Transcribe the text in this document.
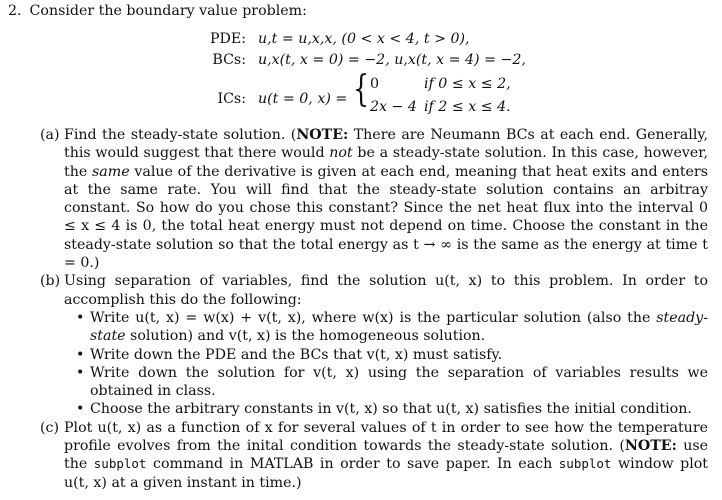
2. Consider the boundary value problem:
PDE: u,t = u,x,x, (0 < x < 4, t > 0),
BCs: u,x(t, x = 0) = −2, u,x(t, x = 4) = −2,
ICs: u(t = 0, x) = { 0	if 0 ≤ x ≤ 2,
2x − 4 if 2 ≤ x ≤ 4.
(a) Find the steady-state solution. (NOTE: There are Neumann BCs at each end. Generally, this would suggest that there would not be a steady-state solution. In this case, however, the same value of the derivative is given at each end, meaning that heat exits and enters at the same rate. You will find that the steady-state solution contains an arbitray constant. So how do you chose this constant? Since the net heat flux into the interval 0 ≤ x ≤ 4 is 0, the total heat energy must not depend on time. Choose the constant in the steady-state solution so that the total energy as t → ∞ is the same as the energy at time t = 0.)

(b) Using separation of variables, find the solution u(t, x) to this problem. In order to accomplish this do the following:

• Write u(t, x) = w(x) + v(t, x), where w(x) is the particular solution (also the steady-state solution) and v(t, x) is the homogeneous solution.
• Write down the PDE and the BCs that v(t, x) must satisfy.
• Write down the solution for v(t, x) using the separation of variables results we obtained in class.
• Choose the arbitrary constants in v(t, x) so that u(t, x) satisfies the initial condition.
(c) Plot u(t, x) as a function of x for several values of t in order to see how the temperature profile evolves from the inital condition towards the steady-state solution. (NOTE: use the subplot command in MATLAB in order to save paper. In each subplot window plot u(t, x) at a given instant in time.)
